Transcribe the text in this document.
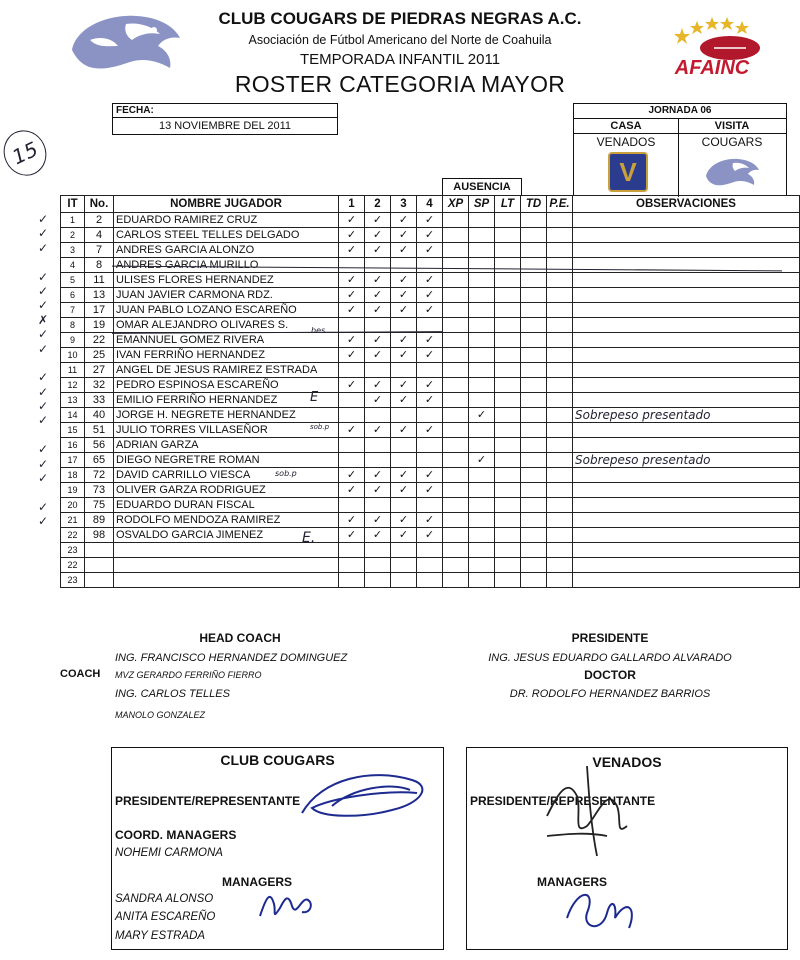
AFAINC
CLUB COUGARS DE PIEDRAS NEGRAS A.C.
Asociación de Fútbol Americano del Norte de Coahuila
TEMPORADA INFANTIL 2011
ROSTER CATEGORIA MAYOR
15
FECHA:
13 NOVIEMBRE DEL 2011
JORNADA 06
CASA	VISITA
VENADOS	COUGARS
V
AUSENCIA
✓
✓
✓
✓
✓
✓
✗
✓
✓
✓
✓
✓
✓
✓
✓
✓
✓
✓
IT	No.	NOMBRE JUGADOR	1	2	3	4	XP	SP	LT	TD	P.E.	OBSERVACIONES
1	2	EDUARDO RAMIREZ CRUZ	✓	✓	✓	✓						
2	4	CARLOS STEEL TELLES DELGADO	✓	✓	✓	✓						
3	7	ANDRES GARCIA ALONZO	✓	✓	✓	✓						
4	8	ANDRES GARCIA MURILLO										
5	11	ULISES FLORES HERNANDEZ	✓	✓	✓	✓						
6	13	JUAN JAVIER CARMONA RDZ.	✓	✓	✓	✓						
7	17	JUAN PABLO LOZANO ESCAREÑO	✓	✓	✓	✓						
8	19	OMAR ALEJANDRO OLIVARES S.										
9	22	EMANNUEL GOMEZ RIVERA	✓	✓	✓	✓						
10	25	IVAN FERRIÑO HERNANDEZ	✓	✓	✓	✓						
11	27	ANGEL DE JESUS RAMIREZ ESTRADA										
12	32	PEDRO ESPINOSA ESCAREÑO	✓	✓	✓	✓						
13	33	EMILIO FERRIÑO HERNANDEZ		✓	✓	✓						
14	40	JORGE H. NEGRETE HERNANDEZ						✓				Sobrepeso presentado
15	51	JULIO TORRES VILLASEÑOR	✓	✓	✓	✓						
16	56	ADRIAN GARZA										
17	65	DIEGO NEGRETRE ROMAN						✓				Sobrepeso presentado
18	72	DAVID CARRILLO VIESCA	✓	✓	✓	✓						
19	73	OLIVER GARZA RODRIGUEZ	✓	✓	✓	✓						
20	75	EDUARDO DURAN FISCAL										
21	89	RODOLFO MENDOZA RAMIREZ	✓	✓	✓	✓						
22	98	OSVALDO GARCIA JIMENEZ	✓	✓	✓	✓						
23												
22												
23												
E
sob.p
sob.p
E.
bes
HEAD COACH
ING. FRANCISCO HERNANDEZ DOMINGUEZ
COACH MVZ GERARDO FERRIÑO FIERRO
ING. CARLOS TELLES
MANOLO GONZALEZ
PRESIDENTE
ING. JESUS EDUARDO GALLARDO ALVARADO
DOCTOR
DR. RODOLFO HERNANDEZ BARRIOS
CLUB COUGARS
PRESIDENTE/REPRESENTANTE
COORD. MANAGERS
NOHEMI CARMONA
MANAGERS
SANDRA ALONSO
ANITA ESCAREÑO
MARY ESTRADA
VENADOS
PRESIDENTE/REPRESENTANTE
MANAGERS
